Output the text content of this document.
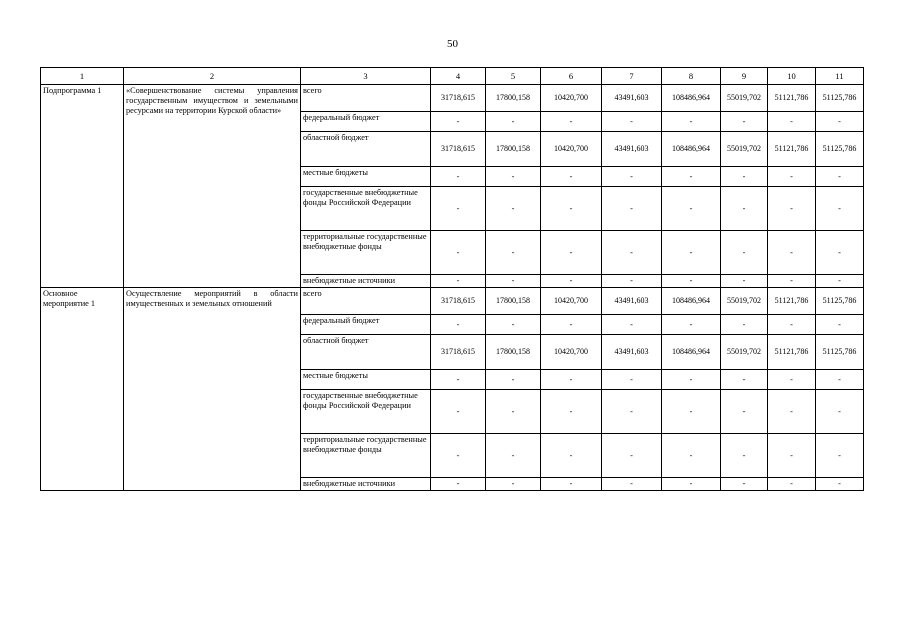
50
1	2	3	4	5	6	7	8	9	10	11
Подпрограмма 1	«Совершенствование системы управления государственным имуществом и земельными ресурсами на территории Курской области»	всего	31718,615	17800,158	10420,700	43491,603	108486,964	55019,702	51121,786	51125,786
		федеральный бюджет	-	-	-	-	-	-	-	-
		областной бюджет	31718,615	17800,158	10420,700	43491,603	108486,964	55019,702	51121,786	51125,786
		местные бюджеты	-	-	-	-	-	-	-	-
		государственные внебюджетные фонды Российской Федерации	-	-	-	-	-	-	-	-
		территориальные государственные внебюджетные фонды	-	-	-	-	-	-	-	-
		внебюджетные источники	-	-	-	-	-	-	-	-
Основное мероприятие 1	Осуществление мероприятий в области имущественных и земельных отношений	всего	31718,615	17800,158	10420,700	43491,603	108486,964	55019,702	51121,786	51125,786
		федеральный бюджет	-	-	-	-	-	-	-	-
		областной бюджет	31718,615	17800,158	10420,700	43491,603	108486,964	55019,702	51121,786	51125,786
		местные бюджеты	-	-	-	-	-	-	-	-
		государственные внебюджетные фонды Российской Федерации	-	-	-	-	-	-	-	-
		территориальные государственные внебюджетные фонды	-	-	-	-	-	-	-	-
		внебюджетные источники	-	-	-	-	-	-	-	-
